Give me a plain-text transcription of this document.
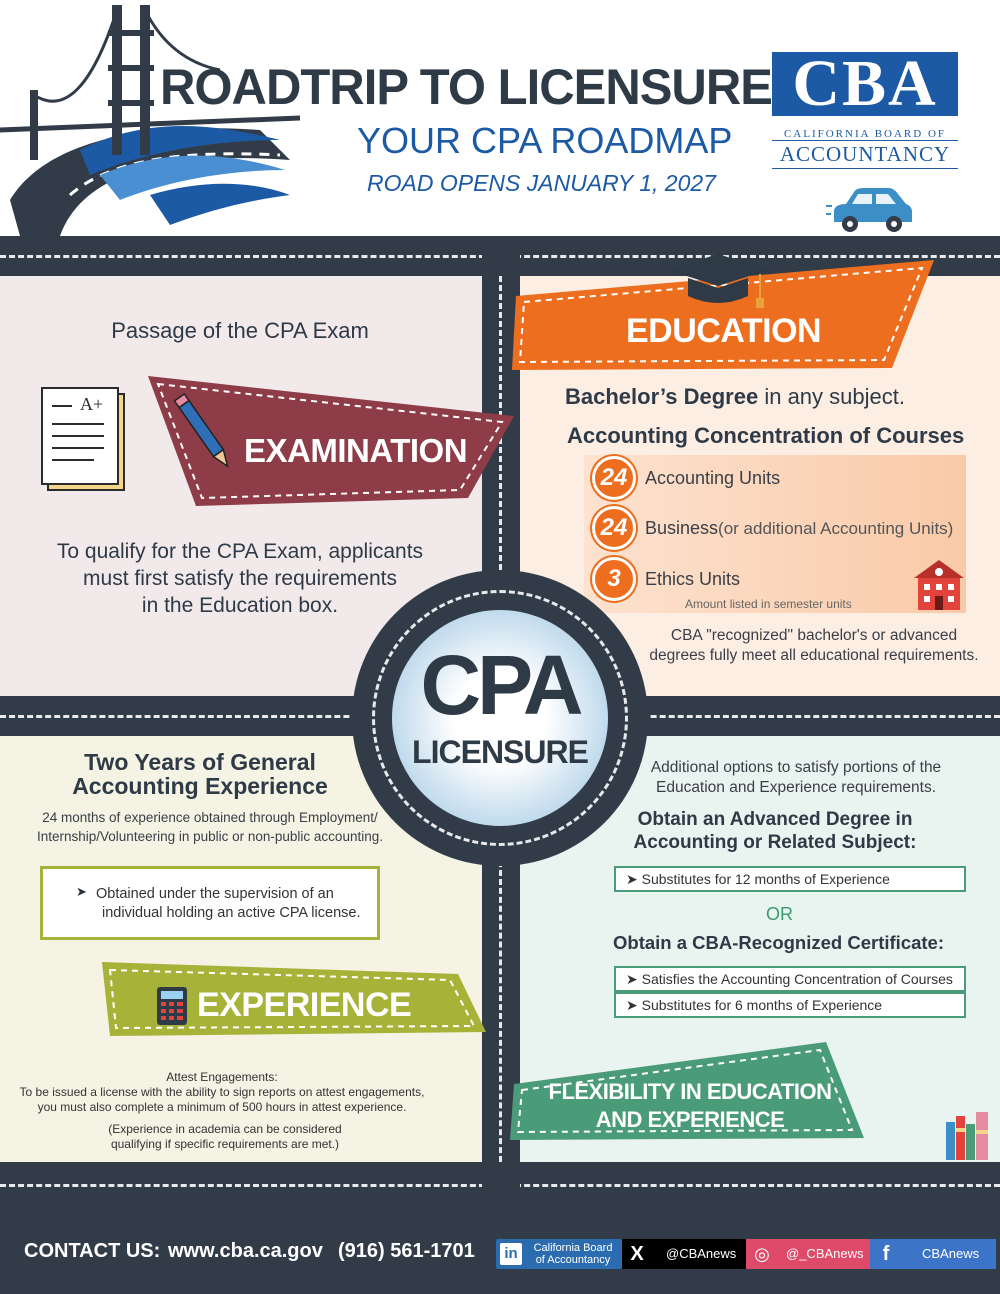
ROADTRIP TO LICENSURE
YOUR CPA ROADMAP
ROAD OPENS JANUARY 1, 2027
CBA
CALIFORNIA BOARD OF
ACCOUNTANCY
Passage of the CPA Exam
A+
EXAMINATION
To qualify for the CPA Exam, applicants
must first satisfy the requirements
in the Education box.
EDUCATION
Bachelor’s Degree in any subject.
Accounting Concentration of Courses
24 Accounting Units
24 Business(or additional Accounting Units)
3	Ethics Units
Amount listed in semester units
CBA "recognized" bachelor's or advanced
degrees fully meet all educational requirements.
Two Years of General
Accounting Experience
24 months of experience obtained through Employment/
Internship/Volunteering in public or non-public accounting.
➤ Obtained under the supervision of an
individual holding an active CPA license.
EXPERIENCE
Attest Engagements:
To be issued a license with the ability to sign reports on attest engagements,
you must also complete a minimum of 500 hours in attest experience.
(Experience in academia can be considered
qualifying if specific requirements are met.)
Additional options to satisfy portions of the
Education and Experience requirements.
Obtain an Advanced Degree in
Accounting or Related Subject:
➤ Substitutes for 12 months of Experience
OR
Obtain a CBA-Recognized Certificate:
➤ Satisfies the Accounting Concentration of Courses
➤ Substitutes for 6 months of Experience
FLEXIBILITY IN EDUCATION
AND EXPERIENCE
CPA
LICENSURE
CONTACT US: www.cba.ca.gov (916) 561-1701 in	California Board
of Accountancy	X	@CBAnews ◎	@_CBAnews f	CBAnews
